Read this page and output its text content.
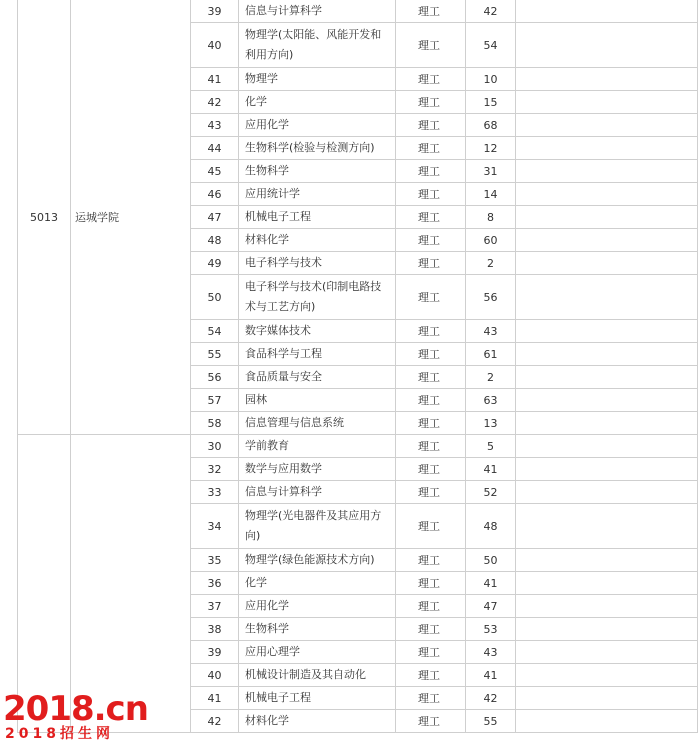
5013	运城学院	39	信息与计算科学	理工	42	
		40	物理学(太阳能、风能开发和利用方向)	理工	54	
		41	物理学	理工	10	
		42	化学	理工	15	
		43	应用化学	理工	68	
		44	生物科学(检验与检测方向)	理工	12	
		45	生物科学	理工	31	
		46	应用统计学	理工	14	
		47	机械电子工程	理工	8	
		48	材料化学	理工	60	
		49	电子科学与技术	理工	2	
		50	电子科学与技术(印制电路技术与工艺方向)	理工	56	
		54	数字媒体技术	理工	43	
		55	食品科学与工程	理工	61	
		56	食品质量与安全	理工	2	
		57	园林	理工	63	
		58	信息管理与信息系统	理工	13	
		30	学前教育	理工	5	
		32	数学与应用数学	理工	41	
		33	信息与计算科学	理工	52	
		34	物理学(光电器件及其应用方向)	理工	48	
		35	物理学(绿色能源技术方向)	理工	50	
		36	化学	理工	41	
		37	应用化学	理工	47	
		38	生物科学	理工	53	
		39	应用心理学	理工	43	
		40	机械设计制造及其自动化	理工	41	
		41	机械电子工程	理工	42	
		42	材料化学	理工	55	
2018.cn
2018招生网
